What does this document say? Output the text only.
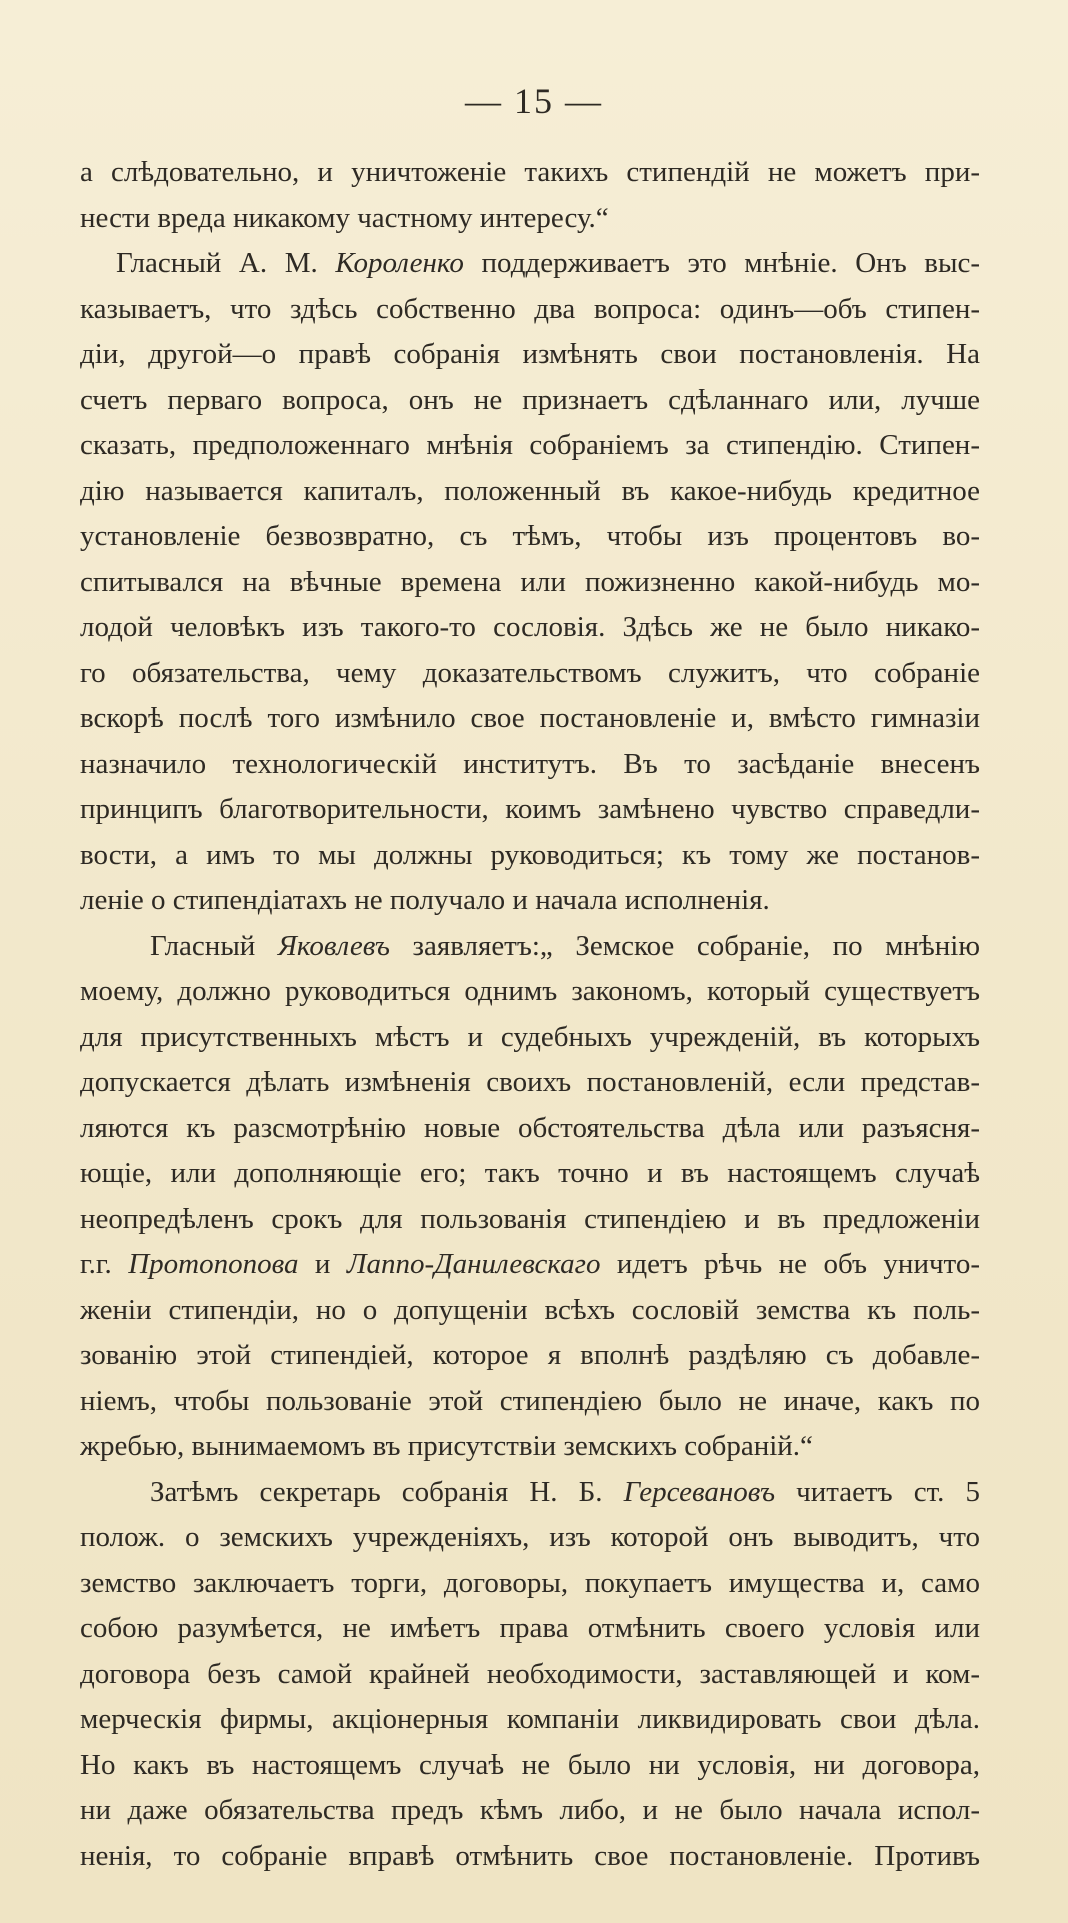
— 15 —
а слѣдовательно, и уничтоженіе такихъ стипендій не можетъ при-
нести вреда никакому частному интересу.“
Гласный А. М. Короленко поддерживаетъ это мнѣніе. Онъ выс-
казываетъ, что здѣсь собственно два вопроса: одинъ—объ стипен-
діи, другой—о правѣ собранія измѣнять свои постановленія. На
счетъ перваго вопроса, онъ не признаетъ сдѣланнаго или, лучше
сказать, предположеннаго мнѣнія собраніемъ за стипендію. Стипен-
дію называется капиталъ, положенный въ какое-нибудь кредитное
установленіе безвозвратно, съ тѣмъ, чтобы изъ процентовъ во-
спитывался на вѣчные времена или пожизненно какой-нибудь мо-
лодой человѣкъ изъ такого-то сословія. Здѣсь же не было никако-
го обязательства, чему доказательствомъ служитъ, что собраніе
вскорѣ послѣ того измѣнило свое постановленіе и, вмѣсто гимназіи
назначило технологическій институтъ. Въ то засѣданіе внесенъ
принципъ благотворительности, коимъ замѣнено чувство справедли-
вости, а имъ то мы должны руководиться; къ тому же постанов-
леніе о стипендіатахъ не получало и начала исполненія.
Гласный Яковлевъ заявляетъ:„ Земское собраніе, по мнѣнію
моему, должно руководиться однимъ закономъ, который существуетъ
для присутственныхъ мѣстъ и судебныхъ учрежденій, въ которыхъ
допускается дѣлать измѣненія своихъ постановленій, если представ-
ляются къ разсмотрѣнію новые обстоятельства дѣла или разъясня-
ющіе, или дополняющіе его; такъ точно и въ настоящемъ случаѣ
неопредѣленъ срокъ для пользованія стипендіею и въ предложеніи
г.г. Протопопова и Лаппо-Данилевскаго идетъ рѣчь не объ уничто-
женіи стипендіи, но о допущеніи всѣхъ сословій земства къ поль-
зованію этой стипендіей, которое я вполнѣ раздѣляю съ добавле-
ніемъ, чтобы пользованіе этой стипендіею было не иначе, какъ по
жребью, вынимаемомъ въ присутствіи земскихъ собраній.“
Затѣмъ секретарь собранія Н. Б. Герсевановъ читаетъ ст. 5
полож. о земскихъ учрежденіяхъ, изъ которой онъ выводитъ, что
земство заключаетъ торги, договоры, покупаетъ имущества и, само
собою разумѣется, не имѣетъ права отмѣнить своего условія или
договора безъ самой крайней необходимости, заставляющей и ком-
мерческія фирмы, акціонерныя компаніи ликвидировать свои дѣла.
Но какъ въ настоящемъ случаѣ не было ни условія, ни договора,
ни даже обязательства предъ кѣмъ либо, и не было начала испол-
ненія, то собраніе вправѣ отмѣнить свое постановленіе. Противъ
